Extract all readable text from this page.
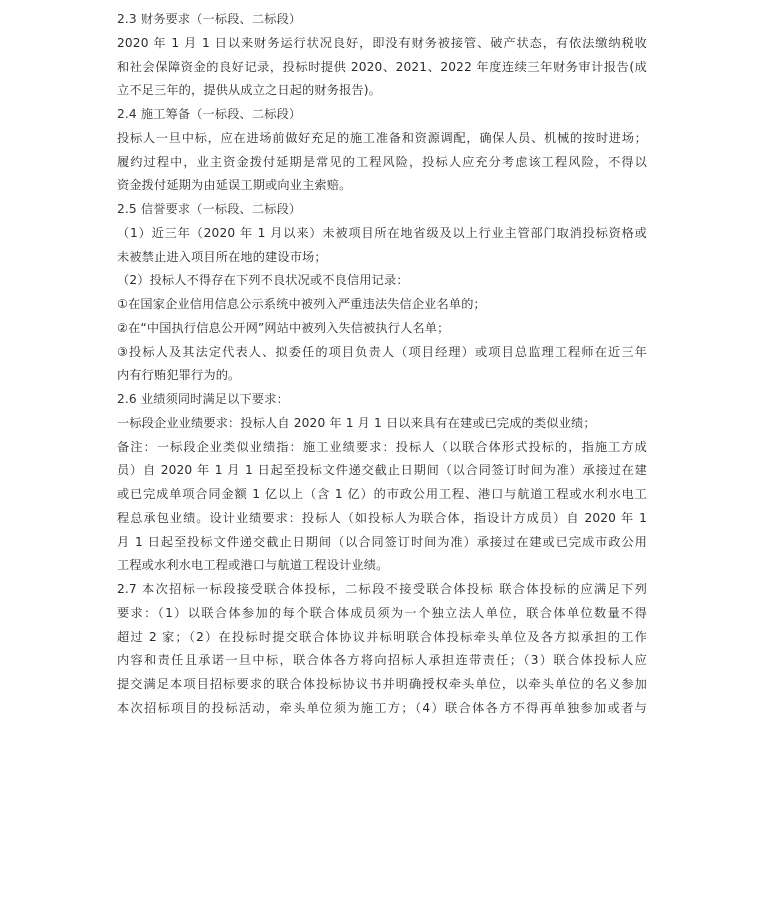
2.3 财务要求（一标段、二标段）
2020 年 1 月 1 日以来财务运行状况良好，即没有财务被接管、破产状态，有依法缴纳税收
和社会保障资金的良好记录，投标时提供 2020、2021、2022 年度连续三年财务审计报告(成
立不足三年的，提供从成立之日起的财务报告)。
2.4 施工筹备（一标段、二标段）
投标人一旦中标，应在进场前做好充足的施工准备和资源调配，确保人员、机械的按时进场；
履约过程中，业主资金拨付延期是常见的工程风险，投标人应充分考虑该工程风险，不得以
资金拨付延期为由延误工期或向业主索赔。
2.5 信誉要求（一标段、二标段）
（1）近三年（2020 年 1 月以来）未被项目所在地省级及以上行业主管部门取消投标资格或
未被禁止进入项目所在地的建设市场；
（2）投标人不得存在下列不良状况或不良信用记录：
①在国家企业信用信息公示系统中被列入严重违法失信企业名单的；
②在“中国执行信息公开网”网站中被列入失信被执行人名单；
③投标人及其法定代表人、拟委任的项目负责人（项目经理）或项目总监理工程师在近三年
内有行贿犯罪行为的。
2.6 业绩须同时满足以下要求：
一标段企业业绩要求：投标人自 2020 年 1 月 1 日以来具有在建或已完成的类似业绩；
备注：一标段企业类似业绩指：施工业绩要求：投标人（以联合体形式投标的，指施工方成
员）自 2020 年 1 月 1 日起至投标文件递交截止日期间（以合同签订时间为准）承接过在建
或已完成单项合同金额 1 亿以上（含 1 亿）的市政公用工程、港口与航道工程或水利水电工
程总承包业绩。设计业绩要求：投标人（如投标人为联合体，指设计方成员）自 2020 年 1
月 1 日起至投标文件递交截止日期间（以合同签订时间为准）承接过在建或已完成市政公用
工程或水利水电工程或港口与航道工程设计业绩。
2.7 本次招标一标段接受联合体投标，二标段不接受联合体投标 联合体投标的应满足下列
要求：（1）以联合体参加的每个联合体成员须为一个独立法人单位，联合体单位数量不得
超过 2 家；（2）在投标时提交联合体协议并标明联合体投标牵头单位及各方拟承担的工作
内容和责任且承诺一旦中标，联合体各方将向招标人承担连带责任；（3）联合体投标人应
提交满足本项目招标要求的联合体投标协议书并明确授权牵头单位，以牵头单位的名义参加
本次招标项目的投标活动，牵头单位须为施工方；（4）联合体各方不得再单独参加或者与
